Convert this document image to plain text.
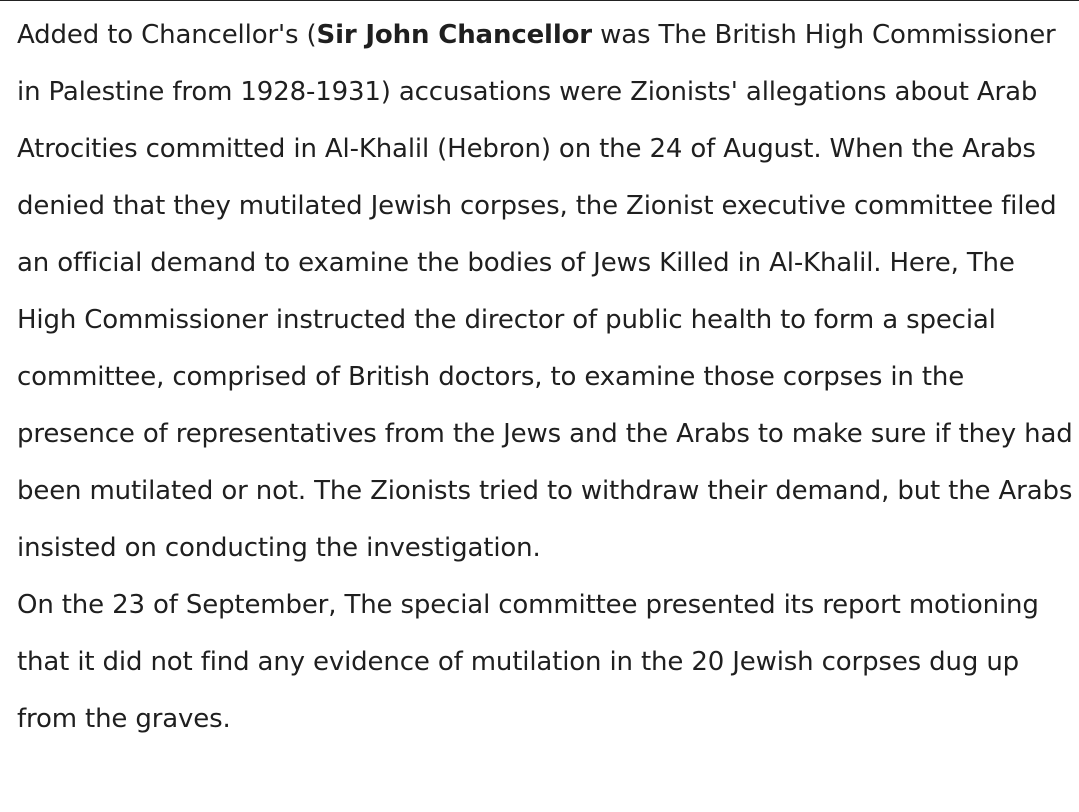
Added to Chancellor's (Sir John Chancellor was The British High Commissioner in Palestine from 1928-1931) accusations were Zionists' allegations about Arab Atrocities committed in Al-Khalil (Hebron) on the 24 of August. When the Arabs denied that they mutilated Jewish corpses, the Zionist executive committee filed an official demand to examine the bodies of Jews Killed in Al-Khalil. Here, The High Commissioner instructed the director of public health to form a special committee, comprised of British doctors, to examine those corpses in the presence of representatives from the Jews and the Arabs to make sure if they had been mutilated or not. The Zionists tried to withdraw their demand, but the Arabs insisted on conducting the investigation.

On the 23 of September, The special committee presented its report motioning that it did not find any evidence of mutilation in the 20 Jewish corpses dug up from the graves.
